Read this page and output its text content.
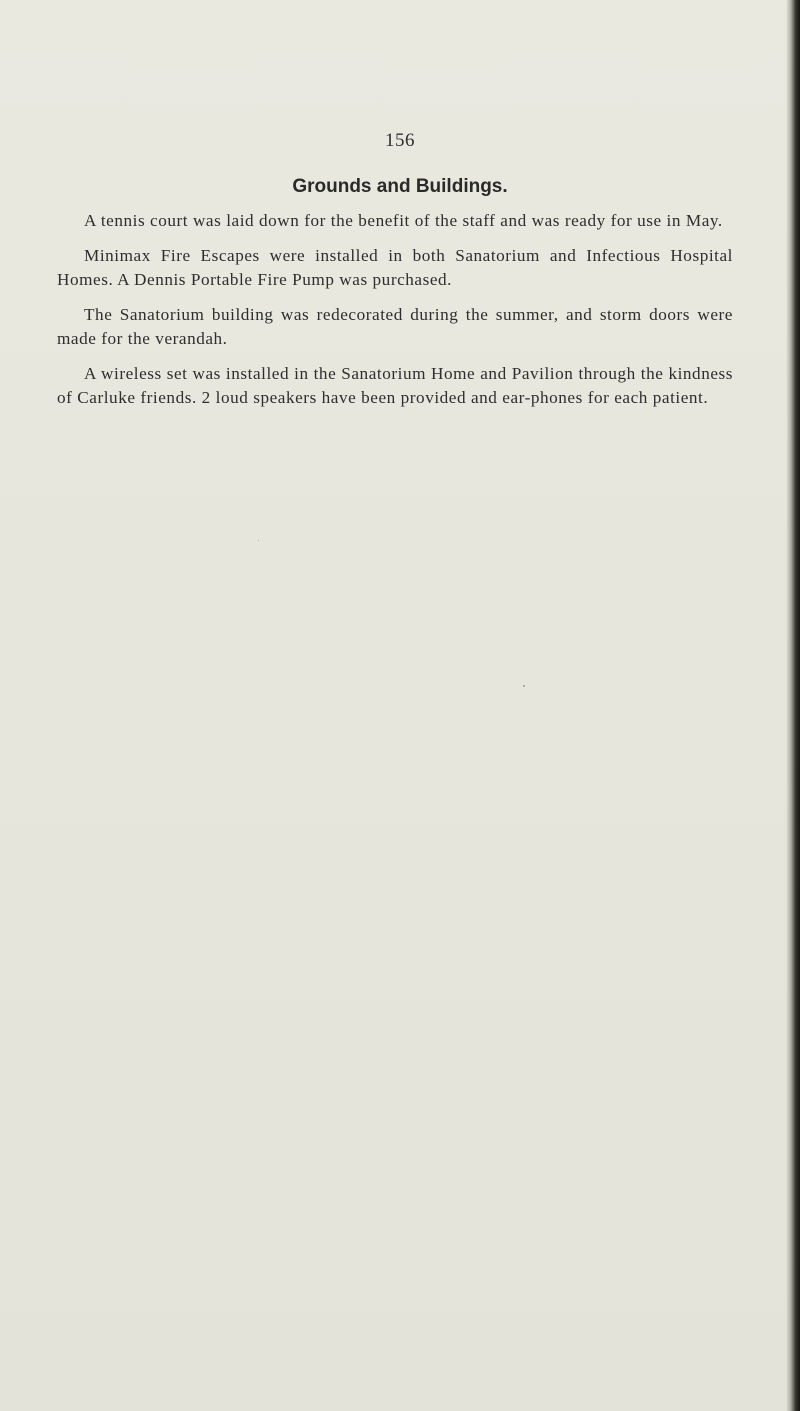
156
Grounds and Buildings.

A tennis court was laid down for the benefit of the staff and was ready for use in May.

Minimax Fire Escapes were installed in both Sanatorium and Infectious Hospital Homes. A Dennis Portable Fire Pump was purchased.

The Sanatorium building was redecorated during the summer, and storm doors were made for the verandah.

A wireless set was installed in the Sanatorium Home and Pavilion through the kindness of Carluke friends. 2 loud speakers have been provided and ear-phones for each patient.
